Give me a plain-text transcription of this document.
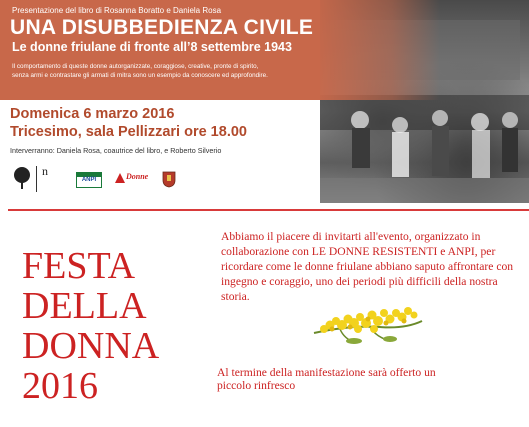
Presentazione del libro di Rosanna Boratto e Daniela Rosa
UNA DISUBBEDIENZA CIVILE
Le donne friulane di fronte all’8 settembre 1943
Il comportamento di queste donne autorganizzate, coraggiose, creative, pronte di spirito,
senza armi e contrastare gli armati di mitra sono un esempio da conoscere ed approfondire.
Domenica 6 marzo 2016
Tricesimo, sala Pellizzari ore 18.00
Interverranno: Daniela Rosa, coautrice del libro, e Roberto Silverio
n
ANPI	Donne
FESTA
DELLA
DONNA
2016
Abbiamo il piacere di invitarti all'evento, organizzato in collaborazione con LE DONNE RESISTENTI e ANPI, per ricordare come le donne friulane abbiano saputo affrontare con ingegno e coraggio, uno dei periodi più difficili della nostra storia.
Al termine della manifestazione sarà offerto un piccolo rinfresco
